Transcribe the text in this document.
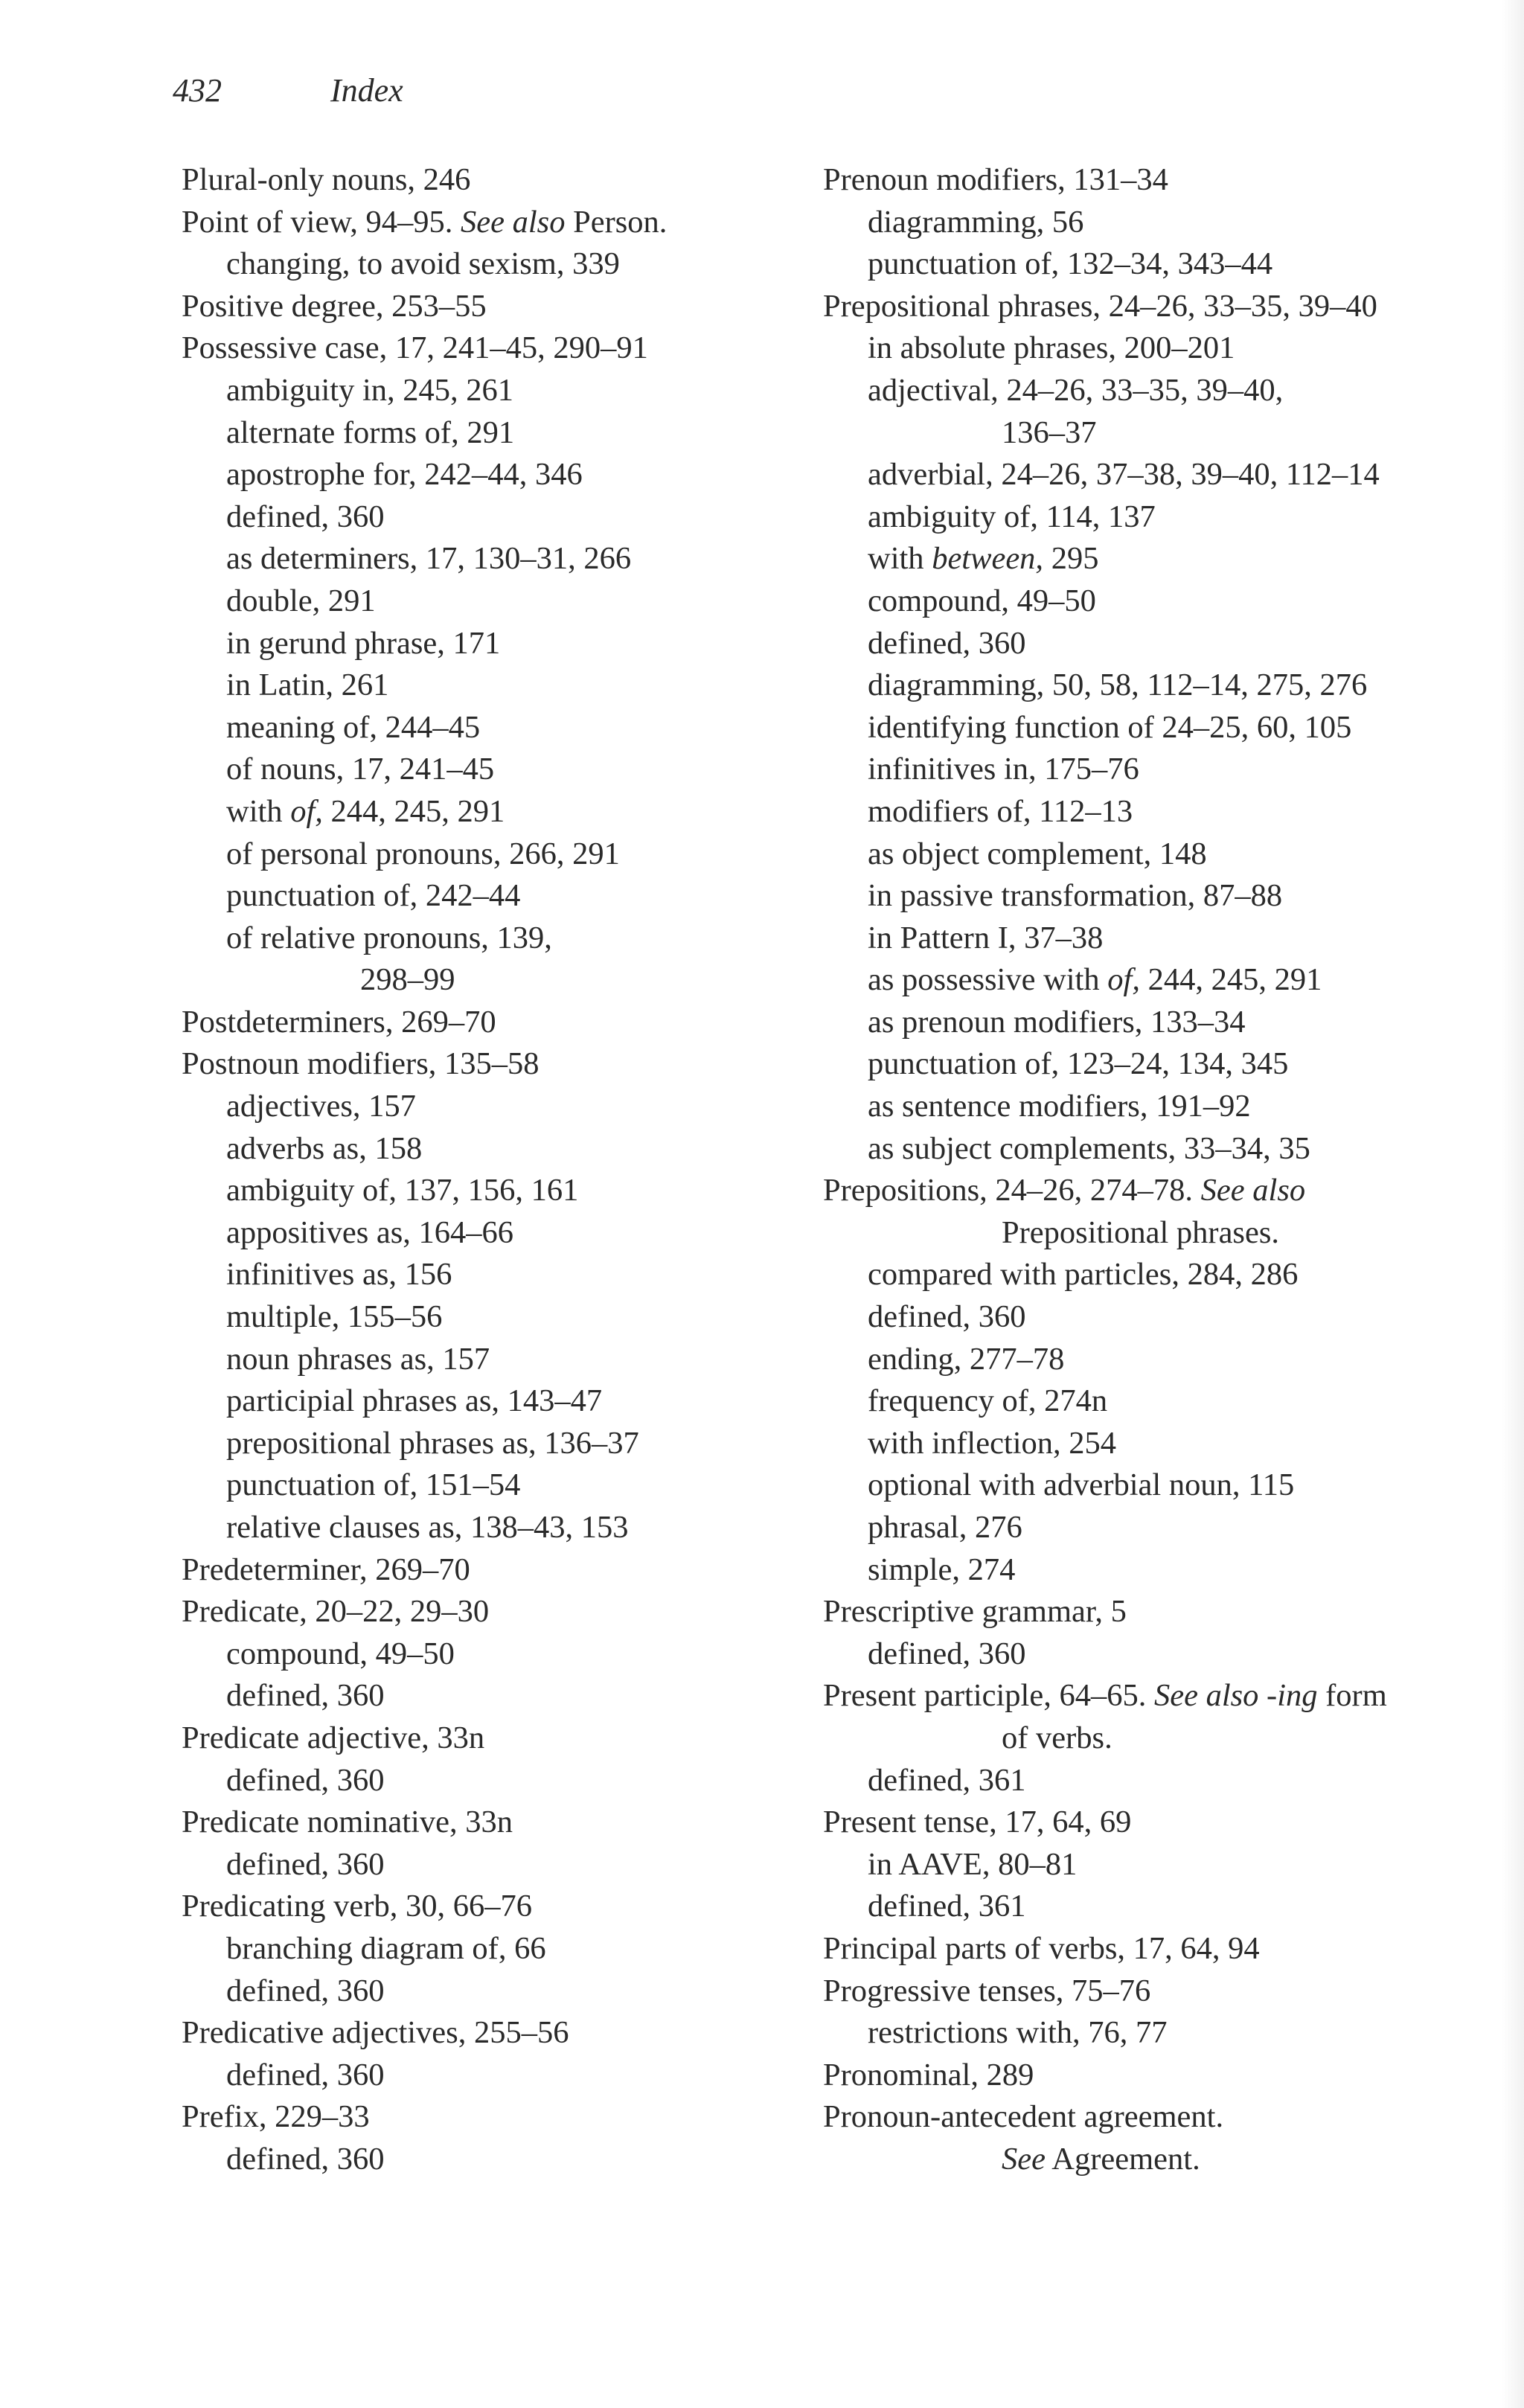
432	Index
Plural-only nouns, 246
Point of view, 94–95. See also Person.
changing, to avoid sexism, 339
Positive degree, 253–55
Possessive case, 17, 241–45, 290–91
ambiguity in, 245, 261
alternate forms of, 291
apostrophe for, 242–44, 346
defined, 360
as determiners, 17, 130–31, 266
double, 291
in gerund phrase, 171
in Latin, 261
meaning of, 244–45
of nouns, 17, 241–45
with of, 244, 245, 291
of personal pronouns, 266, 291
punctuation of, 242–44
of relative pronouns, 139,
298–99
Postdeterminers, 269–70
Postnoun modifiers, 135–58
adjectives, 157
adverbs as, 158
ambiguity of, 137, 156, 161
appositives as, 164–66
infinitives as, 156
multiple, 155–56
noun phrases as, 157
participial phrases as, 143–47
prepositional phrases as, 136–37
punctuation of, 151–54
relative clauses as, 138–43, 153
Predeterminer, 269–70
Predicate, 20–22, 29–30
compound, 49–50
defined, 360
Predicate adjective, 33n
defined, 360
Predicate nominative, 33n
defined, 360
Predicating verb, 30, 66–76
branching diagram of, 66
defined, 360
Predicative adjectives, 255–56
defined, 360
Prefix, 229–33
defined, 360
Prenoun modifiers, 131–34
diagramming, 56
punctuation of, 132–34, 343–44
Prepositional phrases, 24–26, 33–35, 39–40
in absolute phrases, 200–201
adjectival, 24–26, 33–35, 39–40,
136–37
adverbial, 24–26, 37–38, 39–40, 112–14
ambiguity of, 114, 137
with between, 295
compound, 49–50
defined, 360
diagramming, 50, 58, 112–14, 275, 276
identifying function of 24–25, 60, 105
infinitives in, 175–76
modifiers of, 112–13
as object complement, 148
in passive transformation, 87–88
in Pattern I, 37–38
as possessive with of, 244, 245, 291
as prenoun modifiers, 133–34
punctuation of, 123–24, 134, 345
as sentence modifiers, 191–92
as subject complements, 33–34, 35
Prepositions, 24–26, 274–78. See also
Prepositional phrases.
compared with particles, 284, 286
defined, 360
ending, 277–78
frequency of, 274n
with inflection, 254
optional with adverbial noun, 115
phrasal, 276
simple, 274
Prescriptive grammar, 5
defined, 360
Present participle, 64–65. See also -ing form
of verbs.
defined, 361
Present tense, 17, 64, 69
in AAVE, 80–81
defined, 361
Principal parts of verbs, 17, 64, 94
Progressive tenses, 75–76
restrictions with, 76, 77
Pronominal, 289
Pronoun-antecedent agreement.
See Agreement.
